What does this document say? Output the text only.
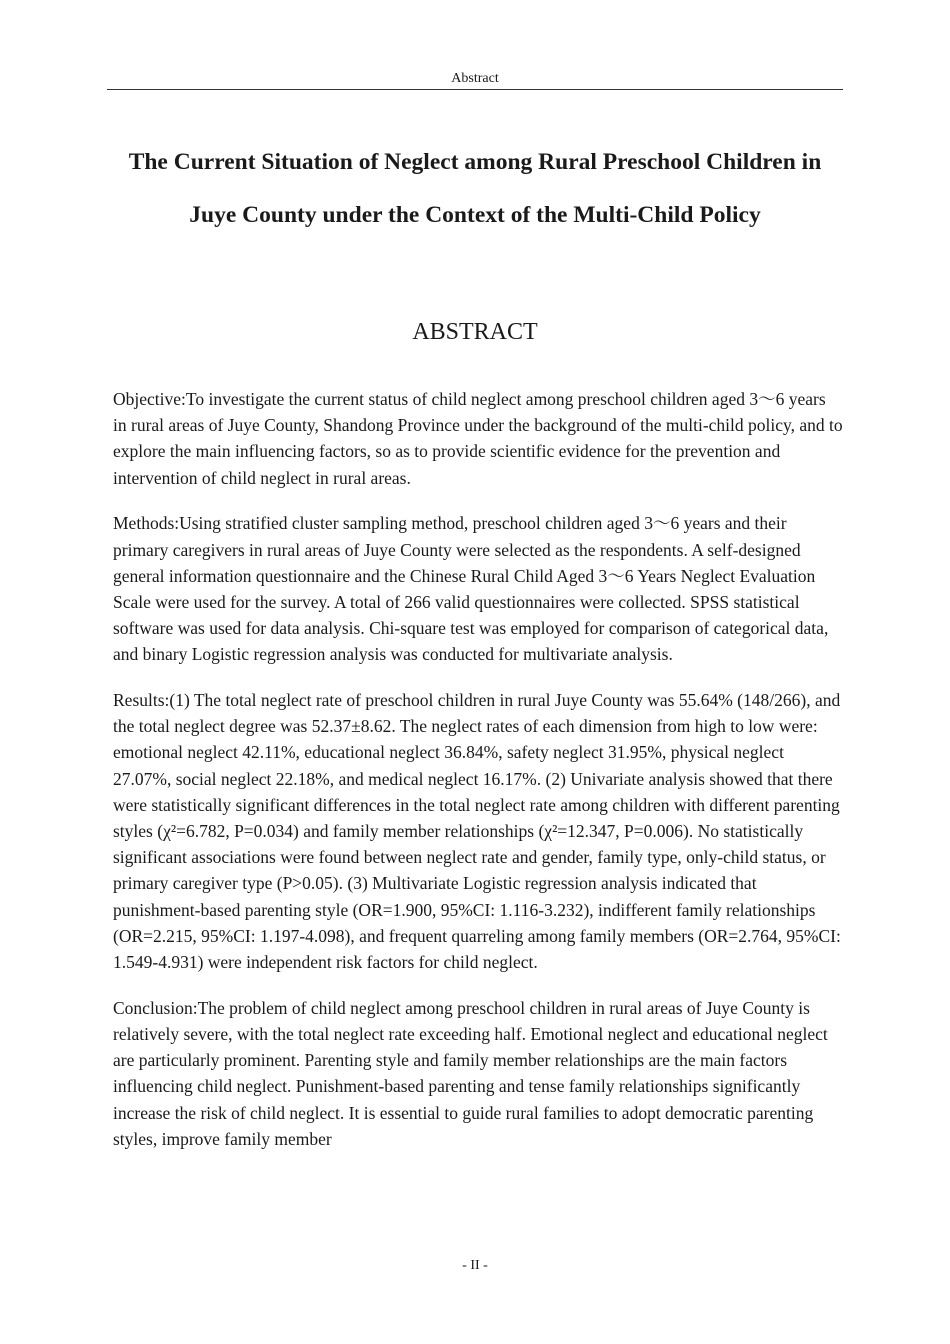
Abstract
The Current Situation of Neglect among Rural Preschool Children in Juye County under the Context of the Multi-Child Policy
ABSTRACT

Objective:To investigate the current status of child neglect among preschool children aged 3～6 years in rural areas of Juye County, Shandong Province under the background of the multi-child policy, and to explore the main influencing factors, so as to provide scientific evidence for the prevention and intervention of child neglect in rural areas.

Methods:Using stratified cluster sampling method, preschool children aged 3～6 years and their primary caregivers in rural areas of Juye County were selected as the respondents. A self-designed general information questionnaire and the Chinese Rural Child Aged 3～6 Years Neglect Evaluation Scale were used for the survey. A total of 266 valid questionnaires were collected. SPSS statistical software was used for data analysis. Chi-square test was employed for comparison of categorical data, and binary Logistic regression analysis was conducted for multivariate analysis.

Results:(1) The total neglect rate of preschool children in rural Juye County was 55.64% (148/266), and the total neglect degree was 52.37±8.62. The neglect rates of each dimension from high to low were: emotional neglect 42.11%, educational neglect 36.84%, safety neglect 31.95%, physical neglect 27.07%, social neglect 22.18%, and medical neglect 16.17%. (2) Univariate analysis showed that there were statistically significant differences in the total neglect rate among children with different parenting styles (χ²=6.782, P=0.034) and family member relationships (χ²=12.347, P=0.006). No statistically significant associations were found between neglect rate and gender, family type, only-child status, or primary caregiver type (P>0.05). (3) Multivariate Logistic regression analysis indicated that punishment-based parenting style (OR=1.900, 95%CI: 1.116-3.232), indifferent family relationships (OR=2.215, 95%CI: 1.197-4.098), and frequent quarreling among family members (OR=2.764, 95%CI: 1.549-4.931) were independent risk factors for child neglect.

Conclusion:The problem of child neglect among preschool children in rural areas of Juye County is relatively severe, with the total neglect rate exceeding half. Emotional neglect and educational neglect are particularly prominent. Parenting style and family member relationships are the main factors influencing child neglect. Punishment-based parenting and tense family relationships significantly increase the risk of child neglect. It is essential to guide rural families to adopt democratic parenting styles, improve family member

- II -
